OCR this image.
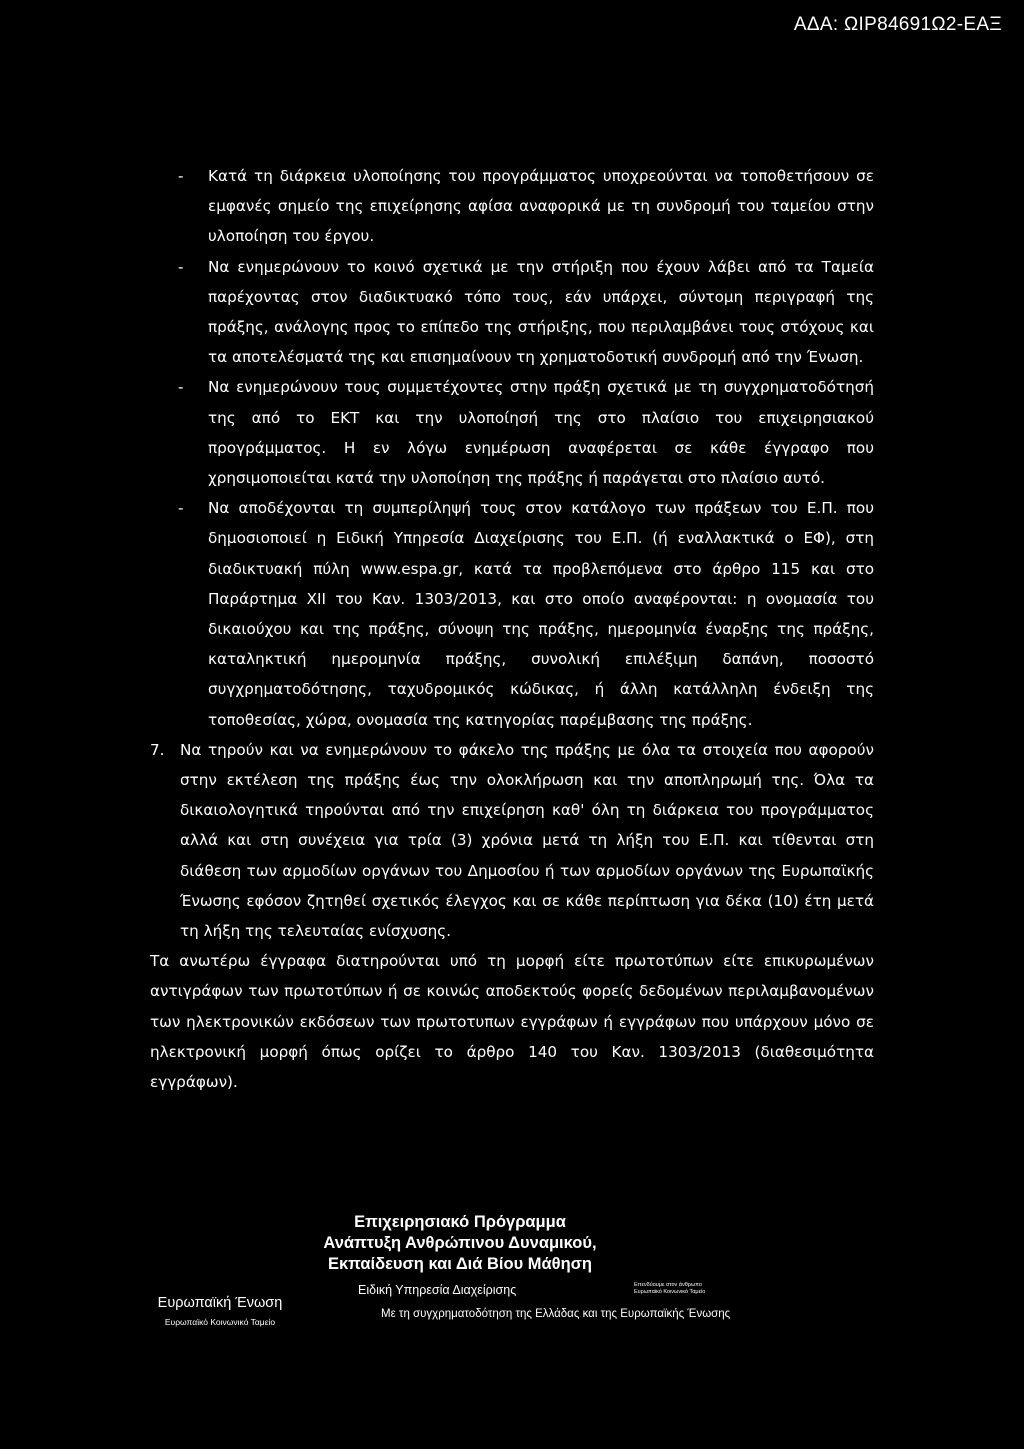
ΑΔΑ: ΩΙΡ84691Ω2-ΕΑΞ

- Κατά τη διάρκεια υλοποίησης του προγράμματος υποχρεούνται να τοποθετήσουν σε εμφανές σημείο της επιχείρησης αφίσα αναφορικά με τη συνδρομή του ταμείου στην υλοποίηση του έργου.

- Να ενημερώνουν το κοινό σχετικά με την στήριξη που έχουν λάβει από τα Ταμεία παρέχοντας στον διαδικτυακό τόπο τους, εάν υπάρχει, σύντομη περιγραφή της πράξης, ανάλογης προς το επίπεδο της στήριξης, που περιλαμβάνει τους στόχους και τα αποτελέσματά της και επισημαίνουν τη χρηματοδοτική συνδρομή από την Ένωση.

- Να ενημερώνουν τους συμμετέχοντες στην πράξη σχετικά με τη συγχρηματοδότησή της από το ΕΚΤ και την υλοποίησή της στο πλαίσιο του επιχειρησιακού προγράμματος. Η εν λόγω ενημέρωση αναφέρεται σε κάθε έγγραφο που χρησιμοποιείται κατά την υλοποίηση της πράξης ή παράγεται στο πλαίσιο αυτό.

- Να αποδέχονται τη συμπερίληψή τους στον κατάλογο των πράξεων του Ε.Π. που δημοσιοποιεί η Ειδική Υπηρεσία Διαχείρισης του Ε.Π. (ή εναλλακτικά ο ΕΦ), στη διαδικτυακή πύλη www.espa.gr, κατά τα προβλεπόμενα στο άρθρο 115 και στο Παράρτημα XII του Καν. 1303/2013, και στο οποίο αναφέρονται: η ονομασία του δικαιούχου και της πράξης, σύνοψη της πράξης, ημερομηνία έναρξης της πράξης, καταληκτική ημερομηνία πράξης, συνολική επιλέξιμη δαπάνη, ποσοστό συγχρηματοδότησης, ταχυδρομικός κώδικας, ή άλλη κατάλληλη ένδειξη της τοποθεσίας, χώρα, ονομασία της κατηγορίας παρέμβασης της πράξης.

7. Να τηρούν και να ενημερώνουν το φάκελο της πράξης με όλα τα στοιχεία που αφορούν στην εκτέλεση της πράξης έως την ολοκλήρωση και την αποπληρωμή της. Όλα τα δικαιολογητικά τηρούνται από την επιχείρηση καθ' όλη τη διάρκεια του προγράμματος αλλά και στη συνέχεια για τρία (3) χρόνια μετά τη λήξη του Ε.Π. και τίθενται στη διάθεση των αρμοδίων οργάνων του Δημοσίου ή των αρμοδίων οργάνων της Ευρωπαϊκής Ένωσης εφόσον ζητηθεί σχετικός έλεγχος και σε κάθε περίπτωση για δέκα (10) έτη μετά τη λήξη της τελευταίας ενίσχυσης.

Τα ανωτέρω έγγραφα διατηρούνται υπό τη μορφή είτε πρωτοτύπων είτε επικυρωμένων αντιγράφων των πρωτοτύπων ή σε κοινώς αποδεκτούς φορείς δεδομένων περιλαμβανομένων των ηλεκτρονικών εκδόσεων των πρωτοτυπων εγγράφων ή εγγράφων που υπάρχουν μόνο σε ηλεκτρονική μορφή όπως ορίζει το άρθρο 140 του Καν. 1303/2013 (διαθεσιμότητα εγγράφων).

Επιχειρησιακό Πρόγραμμα
Ανάπτυξη Ανθρώπινου Δυναμικού,
Εκπαίδευση και Διά Βίου Μάθηση
Ευρωπαϊκή Ένωση
Ευρωπαϊκό Κοινωνικό Ταμείο
Ειδική Υπηρεσία Διαχείρισης	Επενδύουμε στον άνθρωπο
Ευρωπαϊκό Κοινωνικό Ταμείο
Με τη συγχρηματοδότηση της Ελλάδας και της Ευρωπαϊκής Ένωσης
